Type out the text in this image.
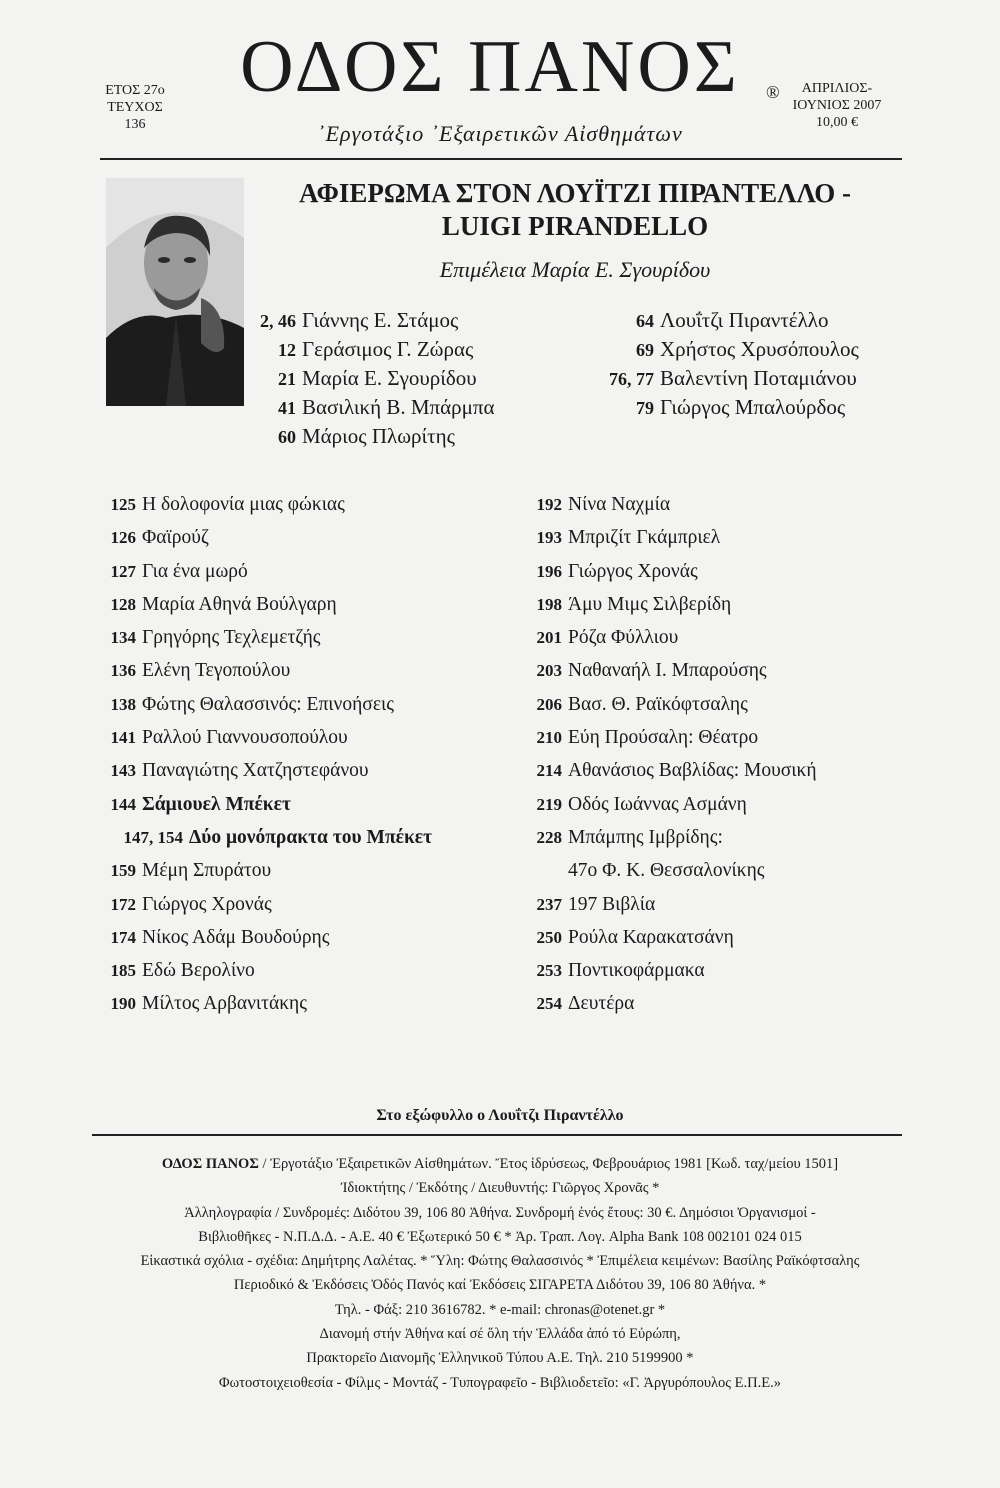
ΕΤΟΣ 27ο
ΤΕΥΧΟΣ
136
ΟΔΟΣ ΠΑΝΟΣ	®
᾿Εργοτάξιο ᾿Εξαιρετικῶν Αἰσθημάτων
ΑΠΡΙΛΙΟΣ-
ΙΟΥΝΙΟΣ 2007
10,00 €
ΑΦΙΕΡΩΜΑ ΣΤΟΝ ΛΟΥΪΤΖΙ ΠΙΡΑΝΤΕΛΛΟ -
LUIGI PIRANDELLO
Επιμέλεια Μαρία Ε. Σγουρίδου
2, 46 Γιάννης Ε. Στάμος
12 Γεράσιμος Γ. Ζώρας
21 Μαρία Ε. Σγουρίδου
41 Βασιλική Β. Μπάρμπα
60 Μάριος Πλωρίτης
64 Λουΐτζι Πιραντέλλο
69 Χρήστος Χρυσόπουλος
76, 77 Βαλεντίνη Ποταμιάνου
79 Γιώργος Μπαλούρδος
125 Η δολοφονία μιας φώκιας
126 Φαϊρούζ
127 Για ένα μωρό
128 Μαρία Αθηνά Βούλγαρη
134 Γρηγόρης Τεχλεμετζής
136 Ελένη Τεγοπούλου
138 Φώτης Θαλασσινός: Επινοήσεις
141 Ραλλού Γιαννουσοπούλου
143 Παναγιώτης Χατζηστεφάνου
144 Σάμιουελ Μπέκετ
147, 154 Δύο μονόπρακτα του Μπέκετ
159 Μέμη Σπυράτου
172 Γιώργος Χρονάς
174 Νίκος Αδάμ Βουδούρης
185 Εδώ Βερολίνο
190 Μίλτος Αρβανιτάκης
192 Νίνα Ναχμία
193 Μπριζίτ Γκάμπριελ
196 Γιώργος Χρονάς
198 Άμυ Μιμς Σιλβερίδη
201 Ρόζα Φύλλιου
203 Ναθαναήλ Ι. Μπαρούσης
206 Βασ. Θ. Ραϊκόφτσαλης
210 Εύη Προύσαλη: Θέατρο
214 Αθανάσιος Βαβλίδας: Μουσική
219 Οδός Ιωάννας Ασμάνη
228 Μπάμπης Ιμβρίδης:
47ο Φ. Κ. Θεσσαλονίκης
237 197 Βιβλία
250 Ρούλα Καρακατσάνη
253 Ποντικοφάρμακα
254 Δευτέρα
Στο εξώφυλλο ο Λουΐτζι Πιραντέλλο
ΟΔΟΣ ΠΑΝΟΣ / Ἐργοτάξιο Ἐξαιρετικῶν Αἰσθημάτων. Ἔτος ἱδρύσεως, Φεβρουάριος 1981 [Κωδ. ταχ/μείου 1501]
Ἰδιοκτήτης / Ἐκδότης / Διευθυντής: Γιῶργος Χρονᾶς *
Ἀλληλογραφία / Συνδρομές: Διδότου 39, 106 80 Ἀθήνα. Συνδρομή ἑνός ἔτους: 30 €. Δημόσιοι Ὀργανισμοί -
Βιβλιοθῆκες - Ν.Π.Δ.Δ. - Α.Ε. 40 € Ἐξωτερικό 50 € * Ἀρ. Τραπ. Λογ. Alpha Bank 108 002101 024 015
Εἰκαστικά σχόλια - σχέδια: Δημήτρης Λαλέτας. * Ὕλη: Φώτης Θαλασσινός * Ἐπιμέλεια κειμένων: Βασίλης Ραϊκόφτσαλης
Περιοδικό & Ἐκδόσεις Ὁδός Πανός καί Ἐκδόσεις ΣΙΓΑΡΕΤΑ Διδότου 39, 106 80 Ἀθήνα. *
Τηλ. - Φάξ: 210 3616782. * e-mail: chronas@otenet.gr *
Διανομή στήν Ἀθήνα καί σέ ὅλη τήν Ἑλλάδα ἀπό τό Εὐρώπη,
Πρακτορεῖο Διανομῆς Ἑλληνικοῦ Τύπου Α.Ε. Τηλ. 210 5199900 *
Φωτοστοιχειοθεσία - Φίλμς - Μοντάζ - Τυπογραφεῖο - Βιβλιοδετεῖο: «Γ. Ἀργυρόπουλος Ε.Π.Ε.»
